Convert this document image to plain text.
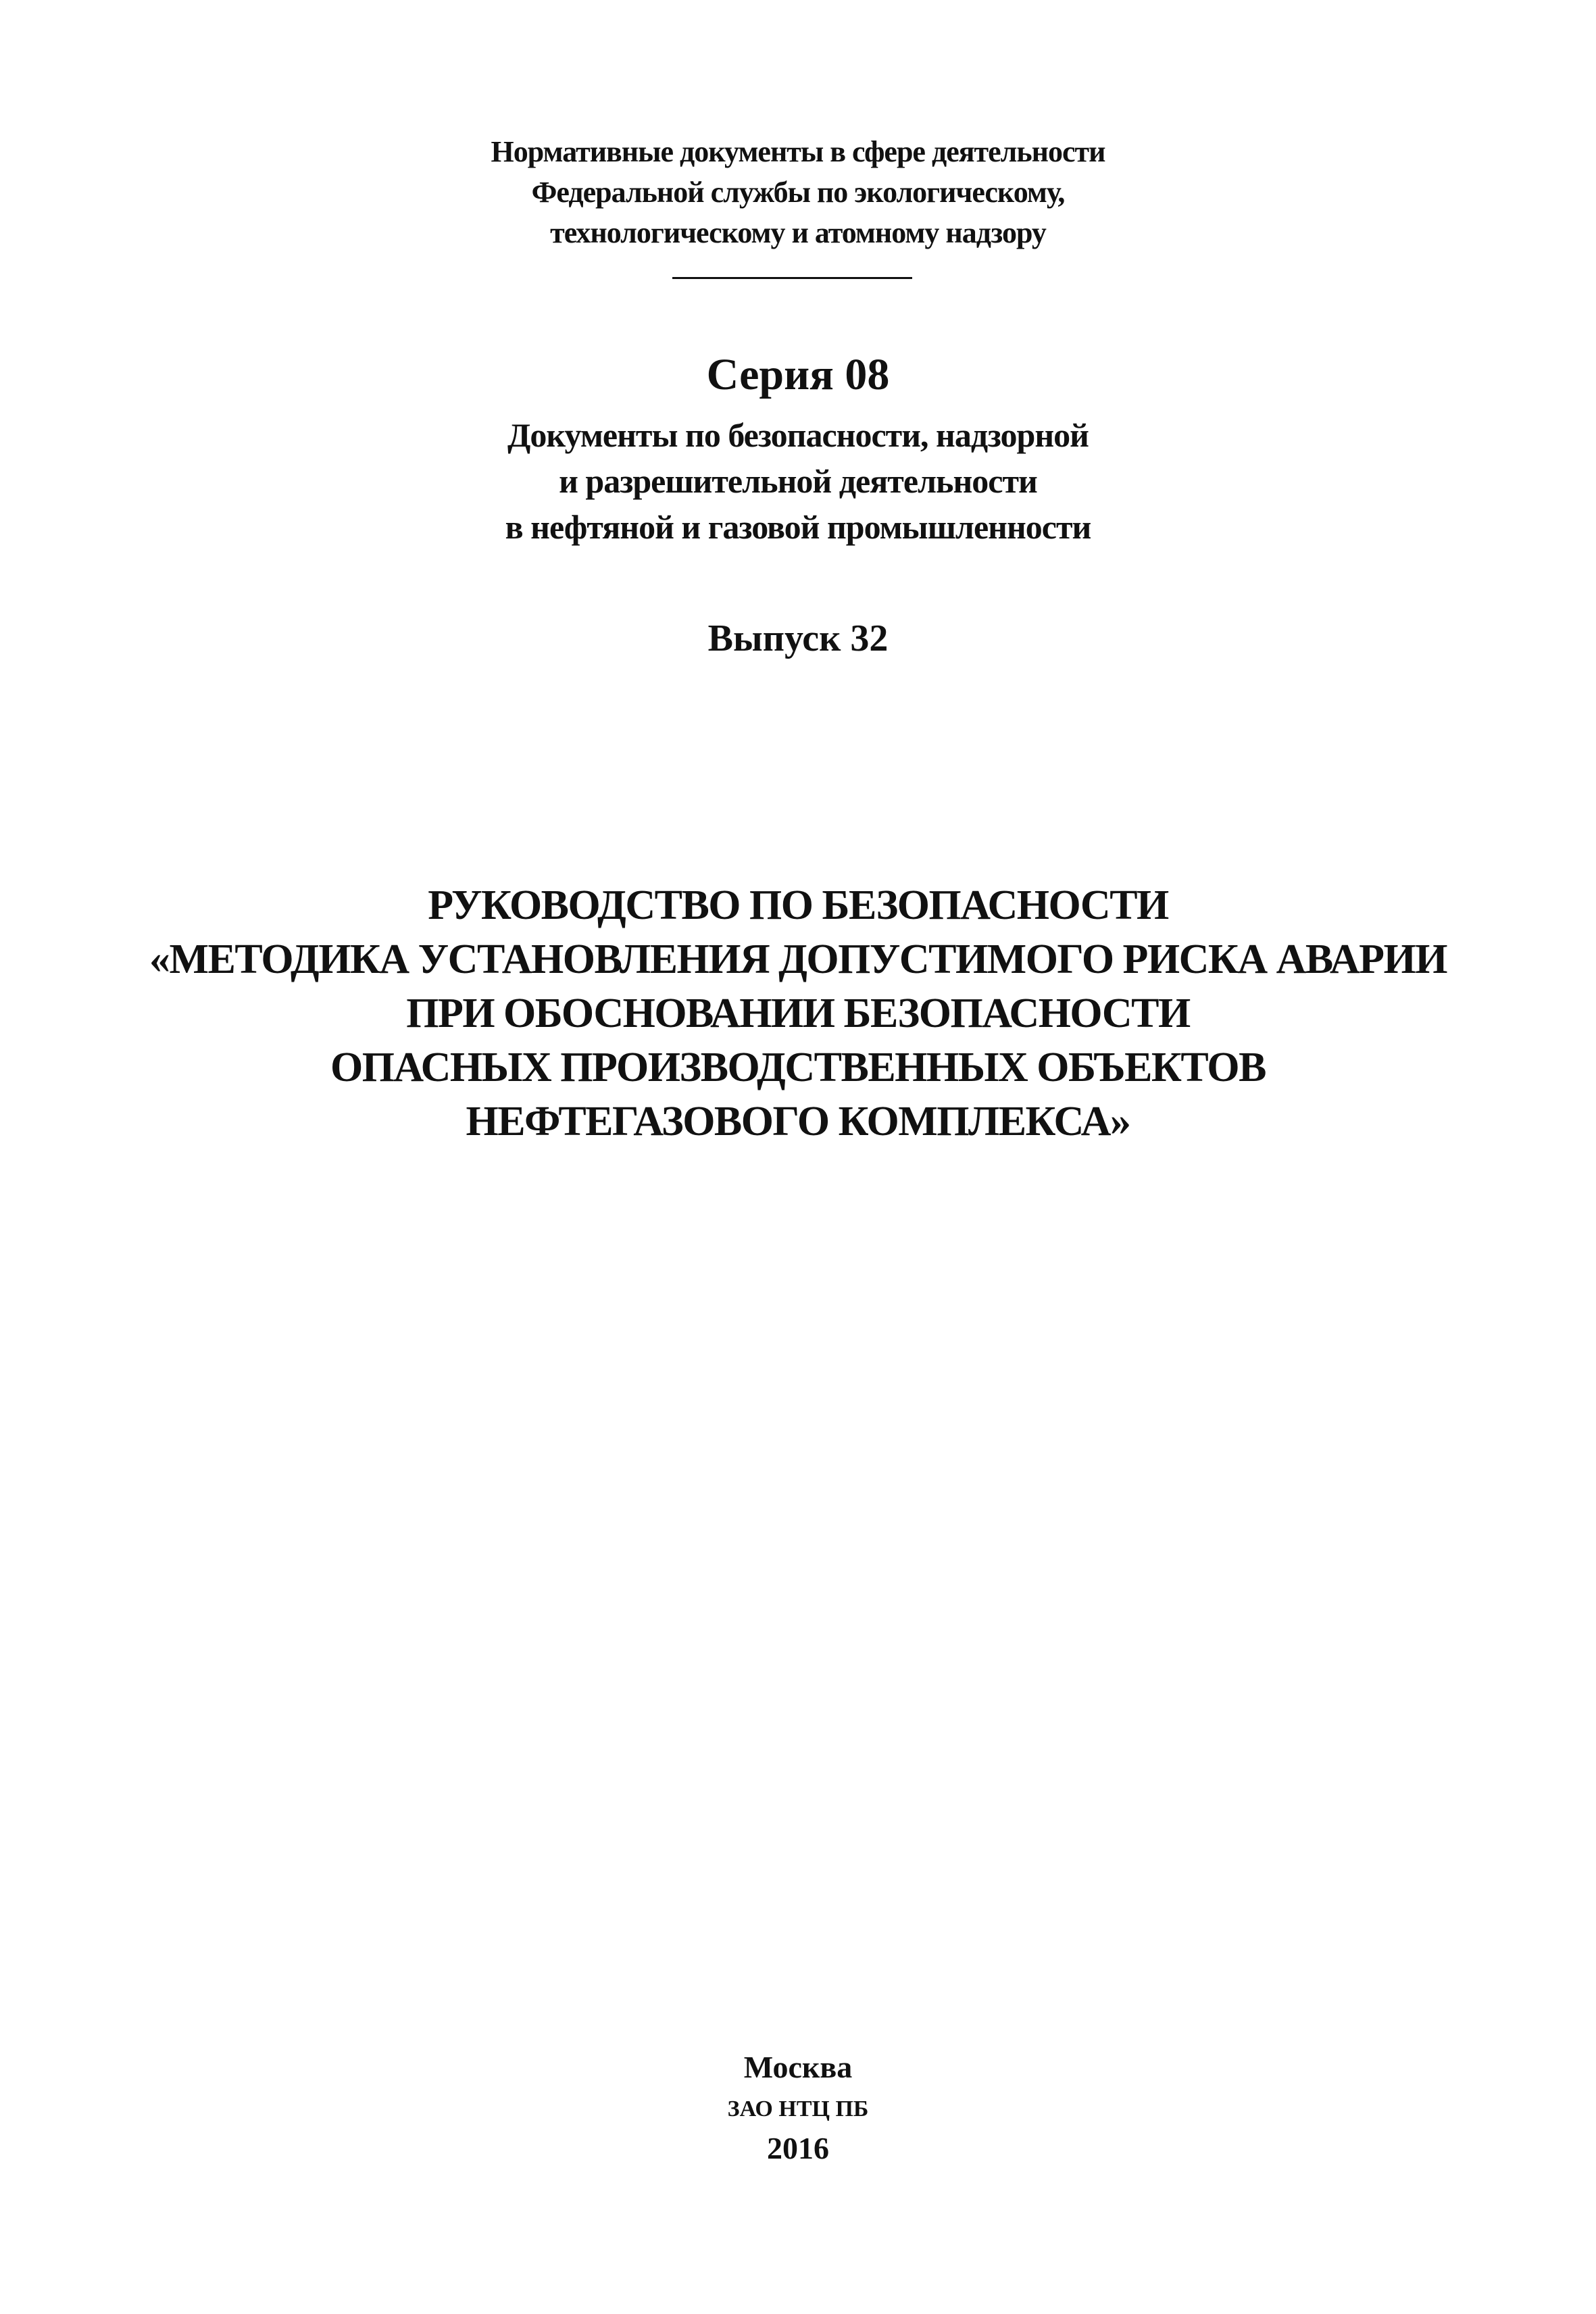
Нормативные документы в сфере деятельности
Федеральной службы по экологическому,
технологическому и атомному надзору
Серия 08
Документы по безопасности, надзорной
и разрешительной деятельности
в нефтяной и газовой промышленности
Выпуск 32
РУКОВОДСТВО ПО БЕЗОПАСНОСТИ
«МЕТОДИКА УСТАНОВЛЕНИЯ ДОПУСТИМОГО РИСКА АВАРИИ
ПРИ ОБОСНОВАНИИ БЕЗОПАСНОСТИ
ОПАСНЫХ ПРОИЗВОДСТВЕННЫХ ОБЪЕКТОВ
НЕФТЕГАЗОВОГО КОМПЛЕКСА»
Москва
ЗАО НТЦ ПБ
2016
